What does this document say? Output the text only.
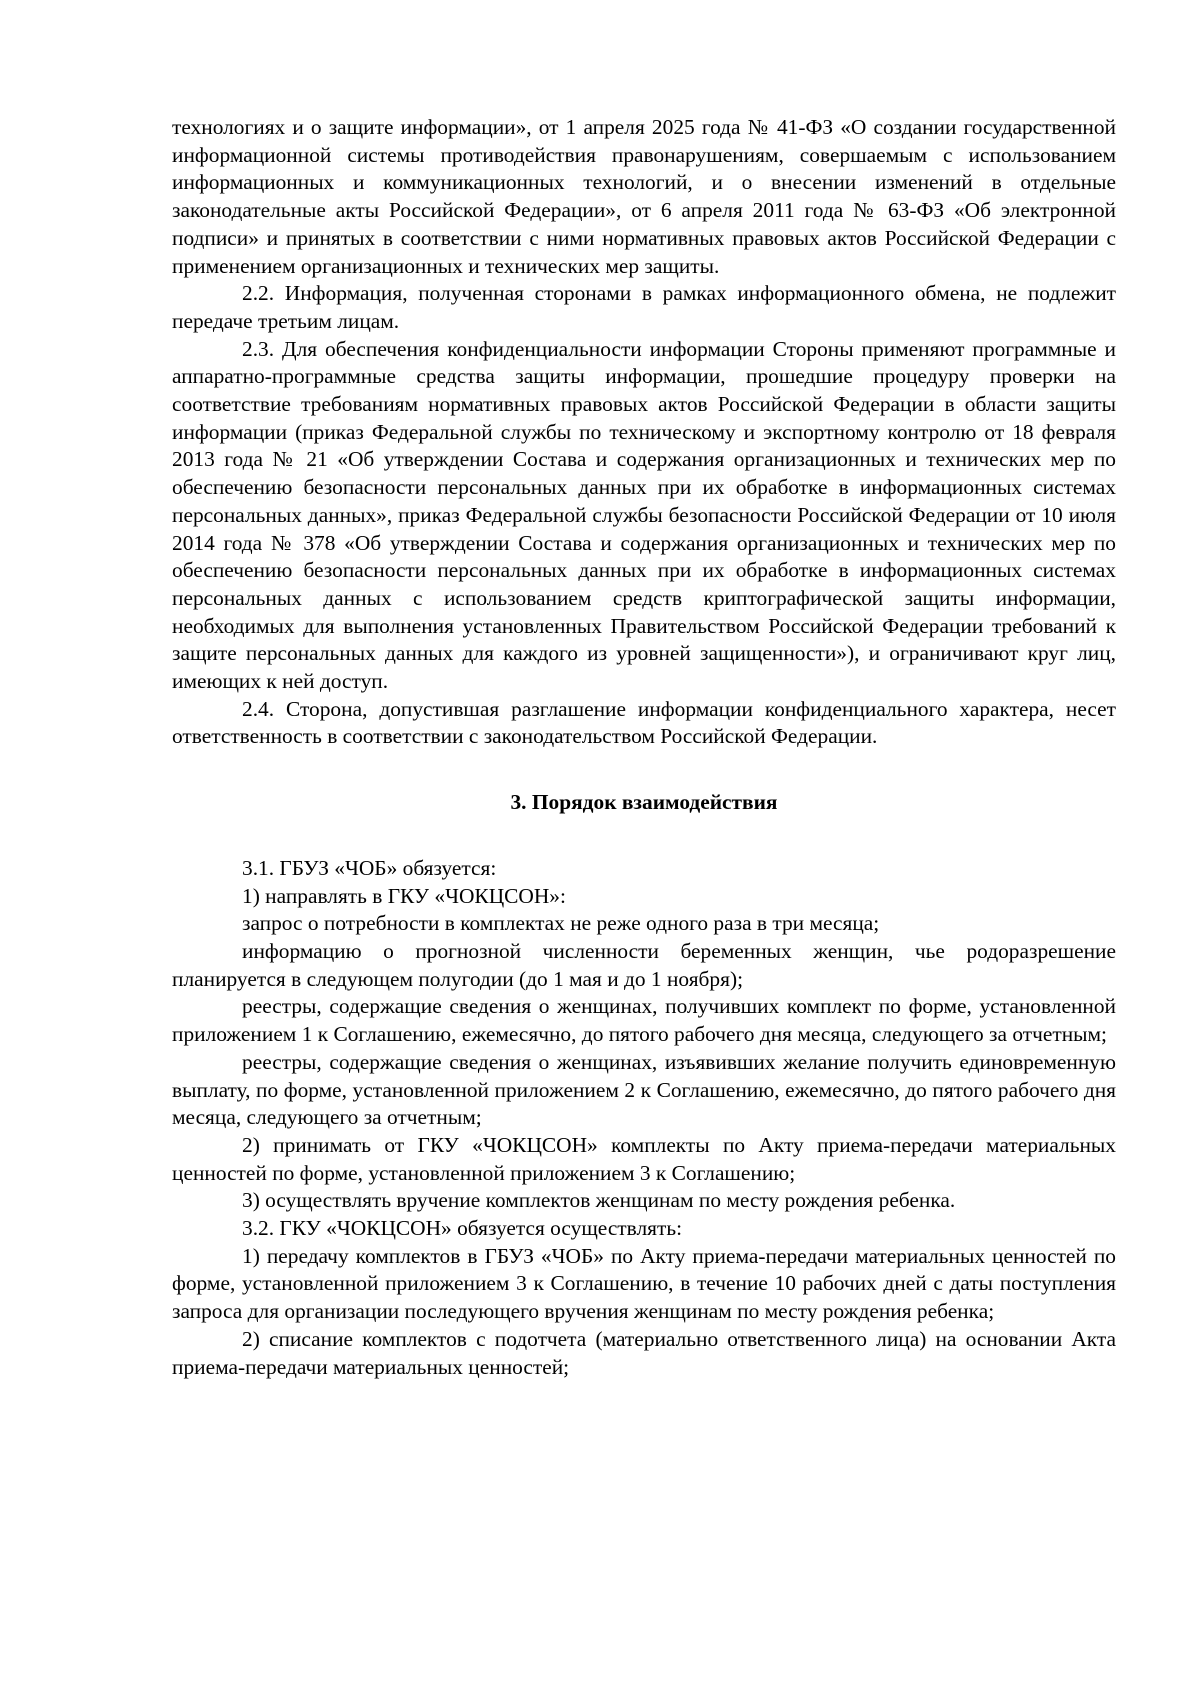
технологиях и о защите информации», от 1 апреля 2025 года № 41-ФЗ «О создании государственной информационной системы противодействия правонарушениям, совершаемым с использованием информационных и коммуникационных технологий, и о внесении изменений в отдельные законодательные акты Российской Федерации», от 6 апреля 2011 года № 63-ФЗ «Об электронной подписи» и принятых в соответствии с ними нормативных правовых актов Российской Федерации с применением организационных и технических мер защиты.

2.2. Информация, полученная сторонами в рамках информационного обмена, не подлежит передаче третьим лицам.

2.3. Для обеспечения конфиденциальности информации Стороны применяют программные и аппаратно-программные средства защиты информации, прошедшие процедуру проверки на соответствие требованиям нормативных правовых актов Российской Федерации в области защиты информации (приказ Федеральной службы по техническому и экспортному контролю от 18 февраля 2013 года № 21 «Об утверждении Состава и содержания организационных и технических мер по обеспечению безопасности персональных данных при их обработке в информационных системах персональных данных», приказ Федеральной службы безопасности Российской Федерации от 10 июля 2014 года № 378 «Об утверждении Состава и содержания организационных и технических мер по обеспечению безопасности персональных данных при их обработке в информационных системах персональных данных с использованием средств криптографической защиты информации, необходимых для выполнения установленных Правительством Российской Федерации требований к защите персональных данных для каждого из уровней защищенности»), и ограничивают круг лиц, имеющих к ней доступ.

2.4. Сторона, допустившая разглашение информации конфиденциального характера, несет ответственность в соответствии с законодательством Российской Федерации.

3. Порядок взаимодействия

3.1. ГБУЗ «ЧОБ» обязуется:

1) направлять в ГКУ «ЧОКЦСОН»:

запрос о потребности в комплектах не реже одного раза в три месяца;

информацию о прогнозной численности беременных женщин, чье родоразрешение планируется в следующем полугодии (до 1 мая и до 1 ноября);

реестры, содержащие сведения о женщинах, получивших комплект по форме, установленной приложением 1 к Соглашению, ежемесячно, до пятого рабочего дня месяца, следующего за отчетным;

реестры, содержащие сведения о женщинах, изъявивших желание получить единовременную выплату, по форме, установленной приложением 2 к Соглашению, ежемесячно, до пятого рабочего дня месяца, следующего за отчетным;

2) принимать от ГКУ «ЧОКЦСОН» комплекты по Акту приема-передачи материальных ценностей по форме, установленной приложением 3 к Соглашению;

3) осуществлять вручение комплектов женщинам по месту рождения ребенка.

3.2. ГКУ «ЧОКЦСОН» обязуется осуществлять:

1) передачу комплектов в ГБУЗ «ЧОБ» по Акту приема-передачи материальных ценностей по форме, установленной приложением 3 к Соглашению, в течение 10 рабочих дней с даты поступления запроса для организации последующего вручения женщинам по месту рождения ребенка;

2) списание комплектов с подотчета (материально ответственного лица) на основании Акта приема-передачи материальных ценностей;
